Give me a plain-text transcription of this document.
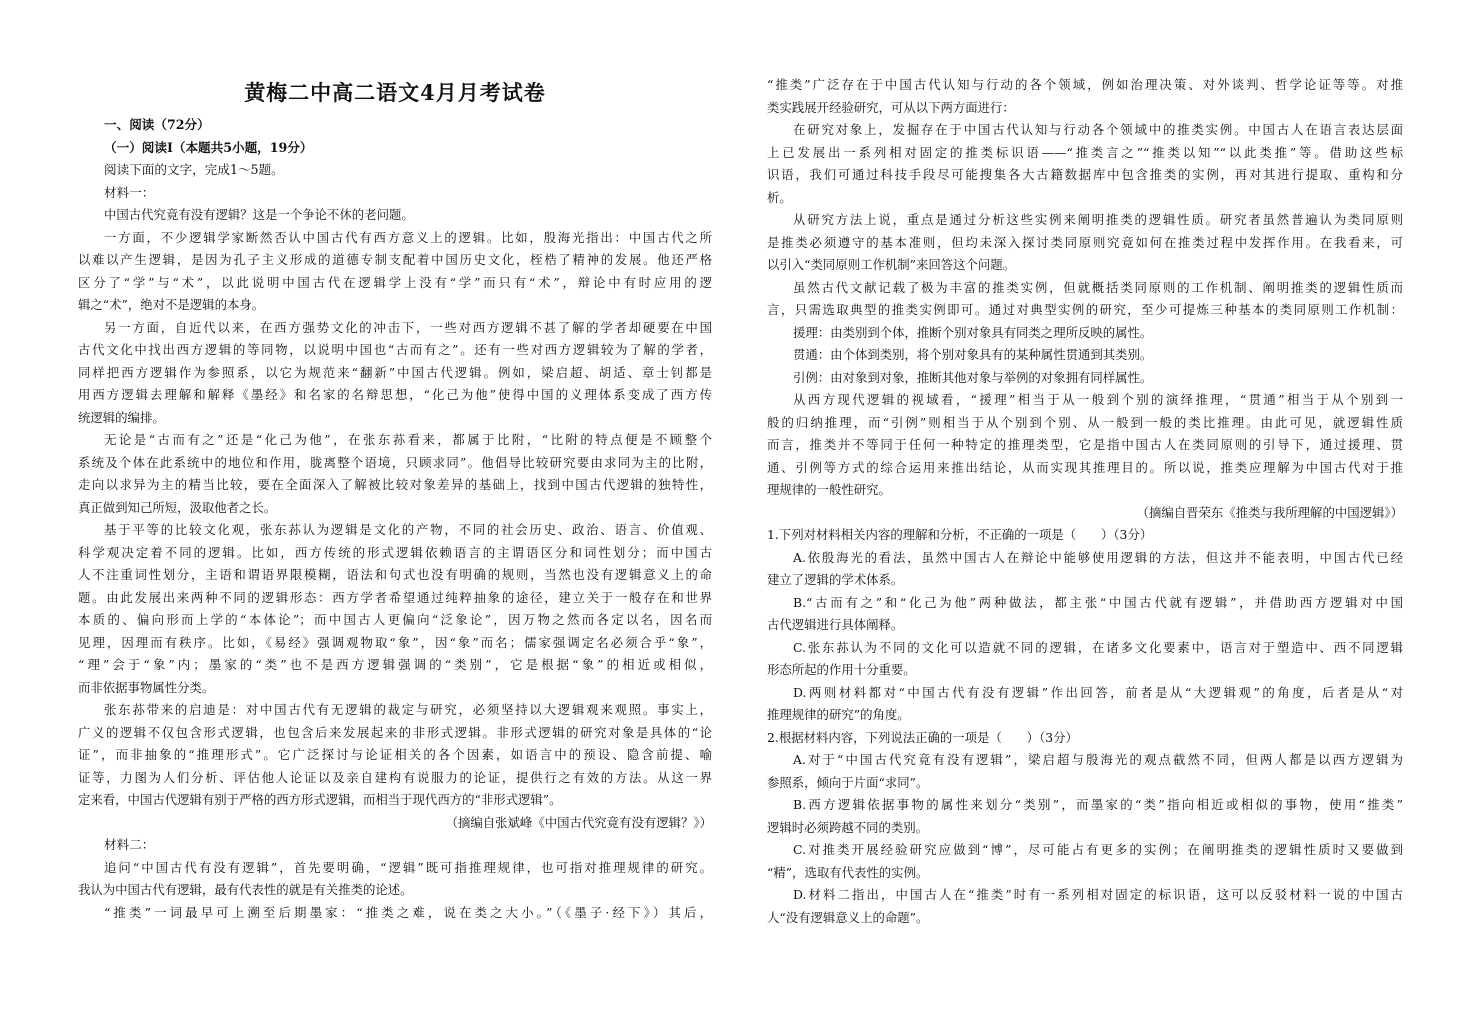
黄梅二中高二语文4月月考试卷
一、阅读（72分）
（一）阅读Ⅰ（本题共5小题，19分）
阅读下面的文字，完成1～5题。
材料一：
中国古代究竟有没有逻辑？这是一个争论不休的老问题。
一方面，不少逻辑学家断然否认中国古代有西方意义上的逻辑。比如，殷海光指出：中国古代之所
以难以产生逻辑，是因为孔子主义形成的道德专制支配着中国历史文化，桎梏了精神的发展。他还严格
区分了“学”与“术”，以此说明中国古代在逻辑学上没有“学”而只有“术”，辩论中有时应用的逻
辑之“术”，绝对不是逻辑的本身。
另一方面，自近代以来，在西方强势文化的冲击下，一些对西方逻辑不甚了解的学者却硬要在中国
古代文化中找出西方逻辑的等同物，以说明中国也“古而有之”。还有一些对西方逻辑较为了解的学者，
同样把西方逻辑作为参照系，以它为规范来“翻新”中国古代逻辑。例如，梁启超、胡适、章士钊都是
用西方逻辑去理解和解释《墨经》和名家的名辩思想，“化己为他”使得中国的义理体系变成了西方传
统逻辑的编排。
无论是“古而有之”还是“化己为他”，在张东荪看来，都属于比附，“比附的特点便是不顾整个
系统及个体在此系统中的地位和作用，胧离整个语境，只顾求同”。他倡导比较研究要由求同为主的比附，
走向以求异为主的精当比较，要在全面深入了解被比较对象差异的基础上，找到中国古代逻辑的独特性，
真正做到知己所短，汲取他者之长。
基于平等的比较文化观，张东荪认为逻辑是文化的产物，不同的社会历史、政治、语言、价值观、
科学观决定着不同的逻辑。比如，西方传统的形式逻辑依赖语言的主谓语区分和词性划分；而中国古
人不注重词性划分，主语和谓语界限模糊，语法和句式也没有明确的规则，当然也没有逻辑意义上的命
题。由此发展出来两种不同的逻辑形态：西方学者希望通过纯粹抽象的途径，建立关于一般存在和世界
本质的、偏向形而上学的“本体论”；而中国古人更偏向“泛象论”，因万物之然而各定以名，因名而
见理，因理而有秩序。比如，《易经》强调观物取“象”，因“象”而名；儒家强调定名必须合乎“象”，
“理”会于“象”内；墨家的“类”也不是西方逻辑强调的“类别”，它是根据“象”的相近或相似，
而非依据事物属性分类。
张东荪带来的启迪是：对中国古代有无逻辑的裁定与研究，必须坚持以大逻辑观来观照。事实上，
广义的逻辑不仅包含形式逻辑，也包含后来发展起来的非形式逻辑。非形式逻辑的研究对象是具体的“论
证”，而非抽象的“推理形式”。它广泛探讨与论证相关的各个因素，如语言中的预设、隐含前提、喻
证等，力图为人们分析、评估他人论证以及亲自建构有说服力的论证，提供行之有效的方法。从这一界
定来看，中国古代逻辑有别于严格的西方形式逻辑，而相当于现代西方的“非形式逻辑”。
（摘编自张斌峰《中国古代究竟有没有逻辑？》）
材料二：
追问“中国古代有没有逻辑”，首先要明确，“逻辑”既可指推理规律，也可指对推理规律的研究。
我认为中国古代有逻辑，最有代表性的就是有关推类的论述。
“推类”一词最早可上溯至后期墨家：“推类之难，说在类之大小。”（《墨子·经下》）其后，
“推类”广泛存在于中国古代认知与行动的各个领域，例如治理决策、对外谈判、哲学论证等等。对推
类实践展开经验研究，可从以下两方面进行：
在研究对象上，发掘存在于中国古代认知与行动各个领域中的推类实例。中国古人在语言表达层面
上已发展出一系列相对固定的推类标识语——“推类言之”“推类以知”“以此类推”等。借助这些标
识语，我们可通过科技手段尽可能搜集各大古籍数据库中包含推类的实例，再对其进行提取、重构和分
析。
从研究方法上说，重点是通过分析这些实例来阐明推类的逻辑性质。研究者虽然普遍认为类同原则
是推类必须遵守的基本准则，但均未深入探讨类同原则究竟如何在推类过程中发挥作用。在我看来，可
以引入“类同原则工作机制”来回答这个问题。
虽然古代文献记载了极为丰富的推类实例，但就概括类同原则的工作机制、阐明推类的逻辑性质而
言，只需选取典型的推类实例即可。通过对典型实例的研究，至少可提炼三种基本的类同原则工作机制：
援理：由类别到个体，推断个别对象具有同类之理所反映的属性。
贯通：由个体到类别，将个别对象具有的某种属性贯通到其类别。
引例：由对象到对象，推断其他对象与举例的对象拥有同样属性。
从西方现代逻辑的视域看，“援理”相当于从一般到个别的演绎推理，“贯通”相当于从个别到一
般的归纳推理，而“引例”则相当于从个别到个别、从一般到一般的类比推理。由此可见，就逻辑性质
而言，推类并不等同于任何一种特定的推理类型，它是指中国古人在类同原则的引导下，通过援理、贯
通、引例等方式的综合运用来推出结论，从而实现其推理目的。所以说，推类应理解为中国古代对于推
理规律的一般性研究。
（摘编自晋荣东《推类与我所理解的中国逻辑》）
1.下列对材料相关内容的理解和分析，不正确的一项是（　　）（3分）
A.依殷海光的看法，虽然中国古人在辩论中能够使用逻辑的方法，但这并不能表明，中国古代已经
建立了逻辑的学术体系。
B.“古而有之”和“化己为他”两种做法，都主张“中国古代就有逻辑”，并借助西方逻辑对中国
古代逻辑进行具体阐释。
C.张东荪认为不同的文化可以造就不同的逻辑，在诸多文化要素中，语言对于塑造中、西不同逻辑
形态所起的作用十分重要。
D.两则材料都对“中国古代有没有逻辑”作出回答，前者是从“大逻辑观”的角度，后者是从“对
推理规律的研究”的角度。
2.根据材料内容，下列说法正确的一项是（　　）（3分）
A.对于“中国古代究竟有没有逻辑”，梁启超与殷海光的观点截然不同，但两人都是以西方逻辑为
参照系，倾向于片面“求同”。
B.西方逻辑依据事物的属性来划分“类别”，而墨家的“类”指向相近或相似的事物，使用“推类”
逻辑时必须跨越不同的类别。
C.对推类开展经验研究应做到“博”，尽可能占有更多的实例；在阐明推类的逻辑性质时又要做到
“精”，选取有代表性的实例。
D.材料二指出，中国古人在“推类”时有一系列相对固定的标识语，这可以反驳材料一说的中国古
人“没有逻辑意义上的命题”。
